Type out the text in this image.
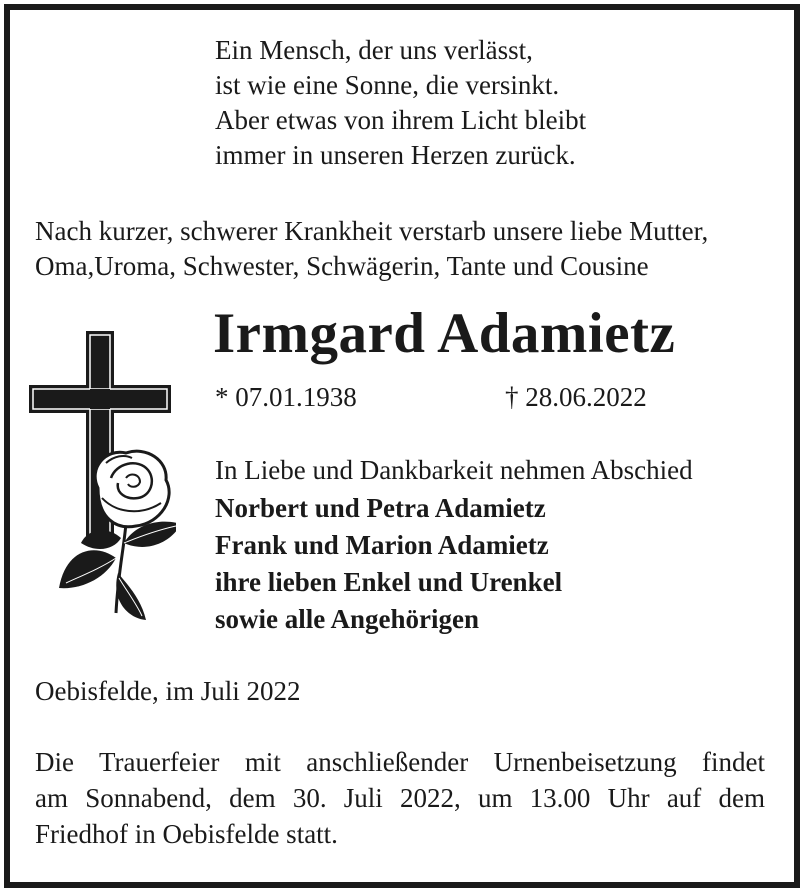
Ein Mensch, der uns verlässt,
ist wie eine Sonne, die versinkt.
Aber etwas von ihrem Licht bleibt
immer in unseren Herzen zurück.
Nach kurzer, schwerer Krankheit verstarb unsere liebe Mutter,
Oma,Uroma, Schwester, Schwägerin, Tante und Cousine
Irmgard Adamietz
* 07.01.1938	† 28.06.2022
In Liebe und Dankbarkeit nehmen Abschied
Norbert und Petra Adamietz
Frank und Marion Adamietz
ihre lieben Enkel und Urenkel
sowie alle Angehörigen
Oebisfelde, im Juli 2022
Die Trauerfeier mit anschließender Urnenbeisetzung findet
am Sonnabend, dem 30. Juli 2022, um 13.00 Uhr auf dem
Friedhof in Oebisfelde statt.
